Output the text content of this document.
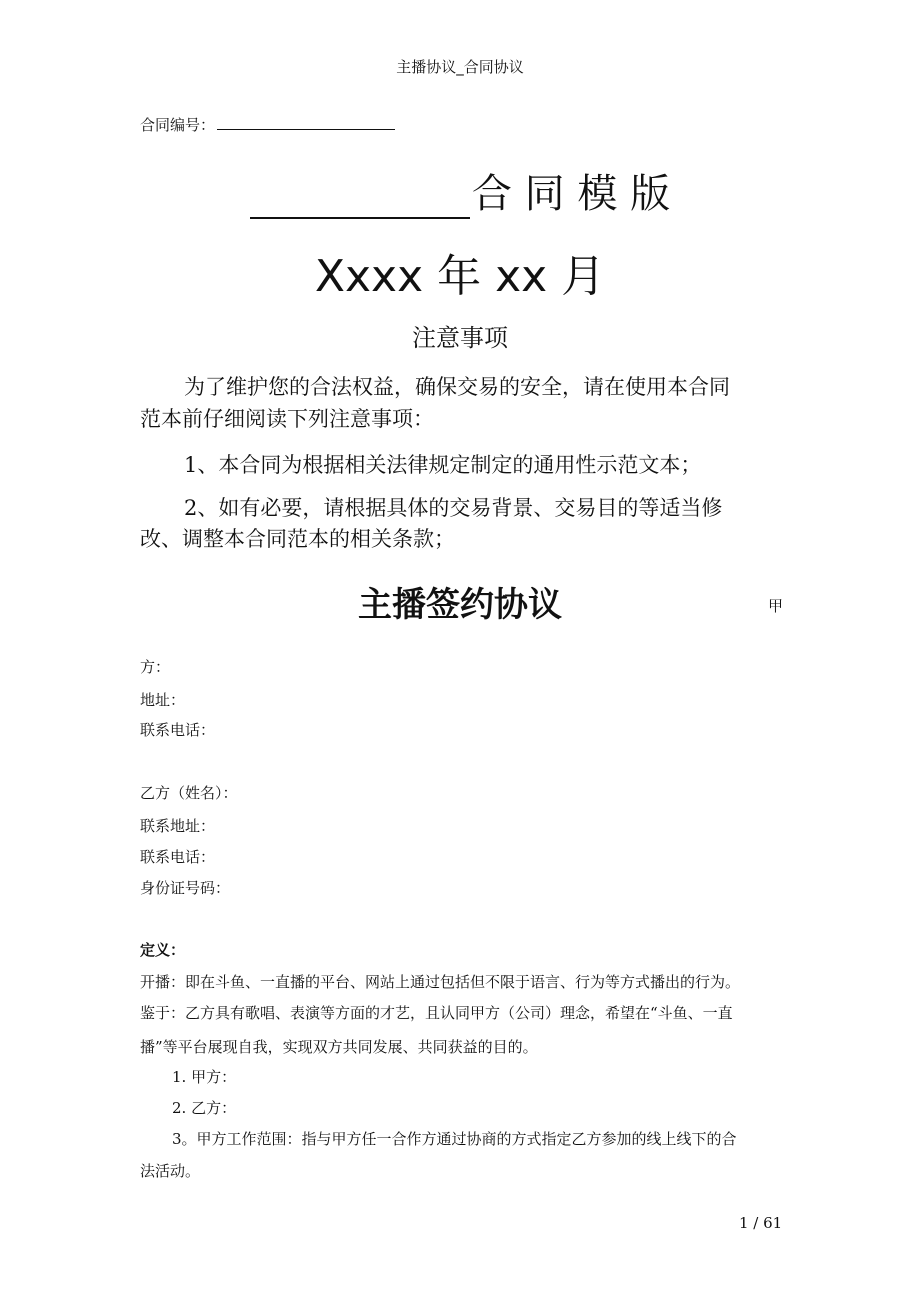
主播协议_合同协议
合同编号：
合 同 模 版
Xxxx 年 xx 月
注意事项
为了维护您的合法权益，确保交易的安全，请在使用本合同
范本前仔细阅读下列注意事项：
1、本合同为根据相关法律规定制定的通用性示范文本；
2、如有必要，请根据具体的交易背景、交易目的等适当修
改、调整本合同范本的相关条款；
主播签约协议	甲
方：
地址：
联系电话：
乙方（姓名）：
联系地址：
联系电话：
身份证号码：
定义：
开播：即在斗鱼、一直播的平台、网站上通过包括但不限于语言、行为等方式播出的行为。
鉴于：乙方具有歌唱、表演等方面的才艺，且认同甲方（公司）理念，希望在“斗鱼、一直
播”等平台展现自我，实现双方共同发展、共同获益的目的。
1. 甲方：
2. 乙方：
3。甲方工作范围：指与甲方任一合作方通过协商的方式指定乙方参加的线上线下的合
法活动。
1 / 61
